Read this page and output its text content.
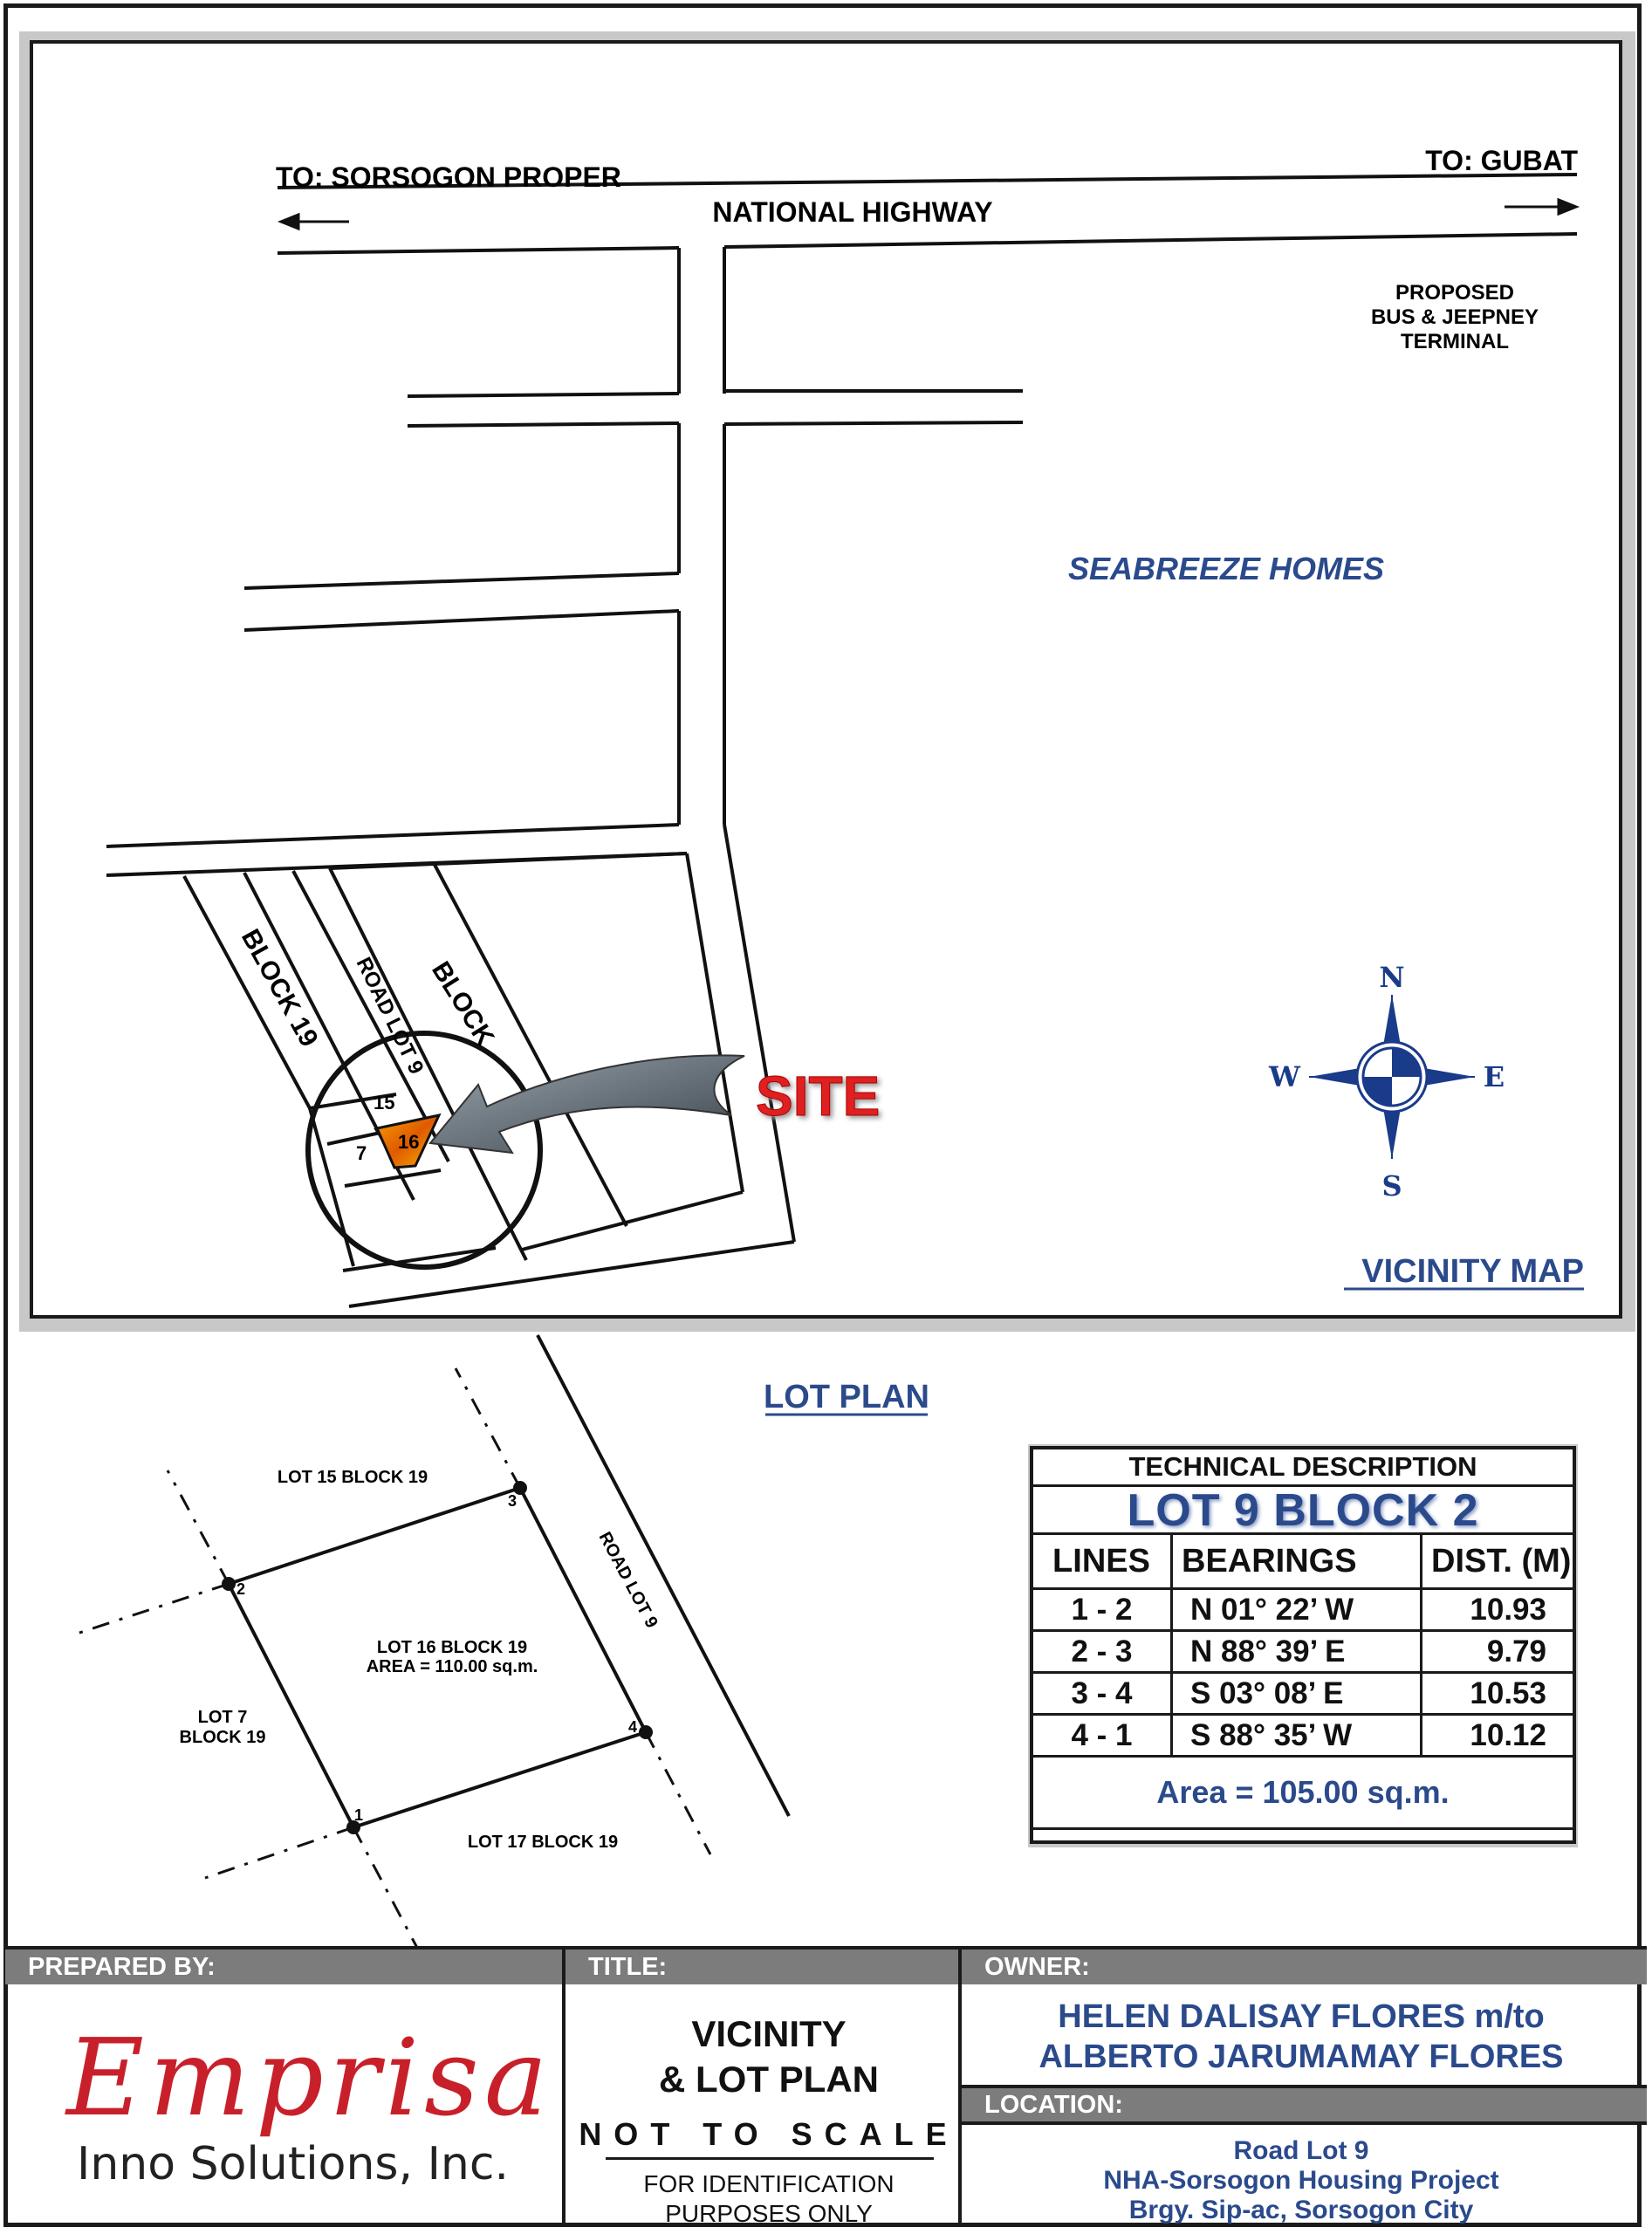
TO: SORSOGON PROPER
TO: GUBAT
NATIONAL HIGHWAY
PROPOSED
BUS & JEEPNEY
TERMINAL
SEABREEZE HOMES
BLOCK 19 ROAD LOT 9
BLOCK
15
16
7
SITE
N
S
W	E
VICINITY MAP
LOT PLAN
1
2
3
4
LOT 15 BLOCK 19
LOT 7
BLOCK 19
LOT 17 BLOCK 19
LOT 16 BLOCK 19
AREA = 110.00 sq.m.
ROAD LOT 9
TECHNICAL DESCRIPTION
LOT 9 BLOCK 2
LINES	BEARINGS	DIST. (M)
1 - 2	N 01° 22’ W	10.93
2 - 3	N 88° 39’ E	9.79
3 - 4	S 03° 08’ E	10.53
4 - 1	S 88° 35’ W	10.12
Area = 105.00 sq.m.
PREPARED BY:	TITLE:	OWNER:
LOCATION:
Emprisa
Inno Solutions, Inc.
VICINITY
& LOT PLAN
NOT TO SCALE
FOR IDENTIFICATION
PURPOSES ONLY
HELEN DALISAY FLORES m/to
ALBERTO JARUMAMAY FLORES
Road Lot 9
NHA-Sorsogon Housing Project
Brgy. Sip-ac, Sorsogon City
